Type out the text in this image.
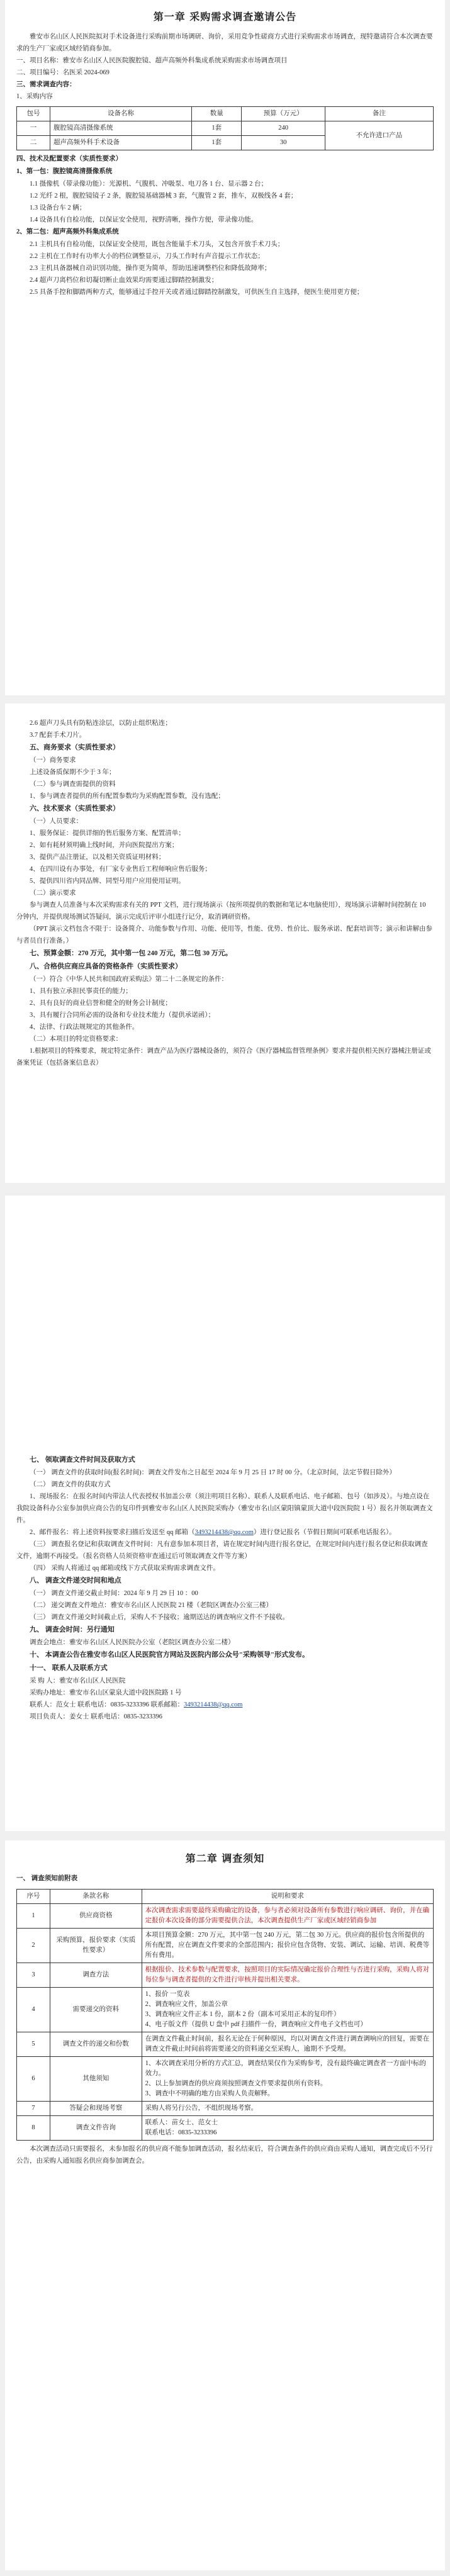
第一章 采购需求调查邀请公告

雅安市名山区人民医院拟对手术设备进行采购前期市场调研、询价，采用竞争性磋商方式进行采购需求市场调查，现特邀请符合本次调查要求的生产厂家或区域经销商参加。

一、项目名称：雅安市名山区人民医院腹腔镜、超声高频外科集成系统采购需求市场调查项目

二、项目编号：名医采 2024-069

三、需求调查内容：

1、采购内容

包号	设备名称	数量	预算（万元）	备注
一	腹腔镜高清摄像系统	1套	240	不允许进口产品
二	超声高频外科手术设备	1套	30	

四、技术及配置要求（实质性要求）

1、第一包：腹腔镜高清摄像系统

1.1 摄像机（带录像功能）：光源机、气腹机、冲吸泵、电刀各 1 台、显示器 2 台；

1.2 光纤 2 根，腹腔镜镜子 2 条，腹腔镜基础器械 3 套，气腹管 2 套，推车，双极线各 4 套；

1.3 设备台车 2 辆；

1.4 设备具有自检功能，以保证安全使用，视野清晰，操作方便，带录像功能。

2、第二包：超声高频外科集成系统

2.1 主机具有自检功能，以保证安全使用，既包含能量手术刀头，又包含开放手术刀头；

2.2 主机在工作时有功率大小的档位调整显示，刀头工作时有声音提示工作状态；

2.3 主机具备器械自动识别功能，操作更为简单，帮助迅速调整档位和降低故障率；

2.4 超声刀离档位和切凝切断止血效果均需要通过脚踏控制激发；

2.5 具备手控和脚踏两种方式，能够通过手控开关或者通过脚踏控制激发，可供医生自主选择，便医生使用更方便；

2.6 超声刀头具有防粘连涂层，以防止组织粘连；

3.7 配套手术刀片。

五、商务要求（实质性要求）

（一）商务要求

上述设备质保期不少于 3 年；

（二）参与调查需提供的资料

1、参与调查者提供的所有配置参数均为采购配置参数，没有选配；

六、技术要求（实质性要求）

（一）人员要求：

1、服务保证：提供详细的售后服务方案、配置清单；

2、如有耗材须明确上线时间，并向医院提出方案；

3、提供产品注册证，以及相关资质证明材料；

4、在四川设有办事处，有厂家专业售后工程师响应售后服务；

5、提供四川省内同品牌、同型号用户应用使用证明。

（二）演示要求

参与调查人员准备与本次采购需求有关的 PPT 文档，进行现场演示（按所项提供的数据和笔记本电脑使用），现场演示讲解时间控制在 10 分钟内，并提供现场测试答疑问，演示完成后评审小组进行记分，取消调研资格。

（PPT 演示文档包含不限于：设备简介、功能参数与作用、功能、使用等，性能、优势、性价比、服务承诺、配套培训等；演示和讲解由参与者员自行准备。）

七、预算金额：270 万元，其中第一包 240 万元，第二包 30 万元。

八、合格供应商应具备的资格条件（实质性要求）

（一）符合《中华人民共和国政府采购法》第二十二条规定的条件：

1、具有独立承担民事责任的能力；

2、具有良好的商业信誉和健全的财务会计制度；

3、具有履行合同所必需的设备和专业技术能力（提供承诺函）；

4、法律、行政法规规定的其他条件。

（二）本项目的特定资格要求：

1.根据项目的特殊要求，规定特定条件：调查产品为医疗器械设备的，须符合《医疗器械监督管理条例》要求并提供相关医疗器械注册证或备案凭证（包括备案信息表）

七、 领取调查文件时间及获取方式

（一） 调查文件的获取时间(报名时间)：调查文件发布之日起至 2024 年 9 月 25 日 17 时 00 分。（北京时间，法定节假日除外）

（二） 调查文件的获取方式

1、现场报名：在报名时间内带法人代表授权书加盖公章（须注明项目名称）、联系人及联系电话、电子邮箱、包号（如涉及）。与地点设在我院设备科办公室参加供应商公告的复印件到雅安市名山区人民医院采购办（雅安市名山区蒙阳镇蒙顶大道中段医院院 1 号）报名并领取调查文件。

2、邮件报名：将上述资料按要求扫描后发送至 qq 邮箱（3493214438@qq.com）进行登记报名（节假日期间可联系电话报名）。

（三） 调查报名登记和获取调查文件时间：凡有意参加本项目者，请在规定时间内进行报名登记，在规定时间内进行报名登记和获取调查文件，逾期不再接受。（报名资格人员须资格审查通过后可领取调查文件等方案）

（四） 采购人将通过 qq 邮箱或线下方式获取采购需求调查文件。

八、 调查文件递交时间和地点

（一） 调查文件递交截止时间：2024 年 9 月 29 日 10 ：00

（二） 递交调查文件地点：雅安市名山区人民医院 21 楼（老院区调查办公室三楼）

（三） 调查文件递交时间截止后，采购人不予接收；逾期送达的调查响应文件不予接收。

九、 调查会时间：另行通知

调查会地点：雅安市名山区人民医院办公室（老院区调查办公室二楼）

十、 本调查公告在雅安市名山区人民医院官方网站及医院内部公众号"采购领导"形式发布。

十一、 联系人及联系方式

采 购 人：雅安市名山区人民医院

采购办地址：雅安市名山区蒙泉大道中段医院路 1 号

联系人：范女士 联系电话：0835-3233396 联系邮箱：3493214438@qq.com

项目负责人：姜女士 联系电话：0835-3233396

第二章 调查须知

一、 调查须知前附表

序号	条款名称	说明和要求
1	供应商资格	本次调查需求需要最终采购确定的设备，参与者必须对设备所有参数进行响应调研、询价，并在确定报价本次设备的部分需要提供合法，本次调查提供生产厂家或区域经销商参加
2	采购预算，报价要求（实质性要求）	本项目预算金额：270 万元，其中第一包 240 万元，第二包 30 万元。供应商的报价包含所提供的所有配置，应在调查文件要求的全部范围内；报价应包含货物、安装、调试、运输、培训、税费等所有费用。
3	调查方法	根据报价、技术参数与配置要求，按照项目的实际情况确定报价合理性与否进行采购，采购人将对每位参与调查者提供的文件进行审核并提出相关要求。
4	需要递交的资料	1、报价 一览表
2、调查响应文件，加盖公章
3、调查响应文件正本 1 份，副本 2 份（副本可采用正本的复印件）
4、电子版文件（提供 U 盘中 pdf 扫描件一份，调查响应文件电子文档也可）
5	调查文件的递交和份数	在调查文件截止时间前，报名无论在于何种原因，均以对调查文件进行调查调响应的回复，需要在调查文件截止时间前将需要递交的资料递交至采购人，逾期不予受理。
6	其他须知	1、本次调查采用分析的方式汇总，调查结果仅作为采购参考，没有最终确定调查者一方面中标的效力。
2、以上参加调查的供应商须按照调查文件要求提供所有资料。
3、调查中不明确的地方由采购人负责解释。
7	答疑会和现场考察	采购人将另行公告，不组织现场考察。
8	调查文件咨询	联系人：苗女士、范女士
联系电话：0835-3233396

本次调查活动只需要报名，未参加报名的供应商不能参加调查活动，报名结束后，符合调查条件的供应商由采购人通知，调查完成后不另行公告，由采购人通知报名供应商参加调查会。
